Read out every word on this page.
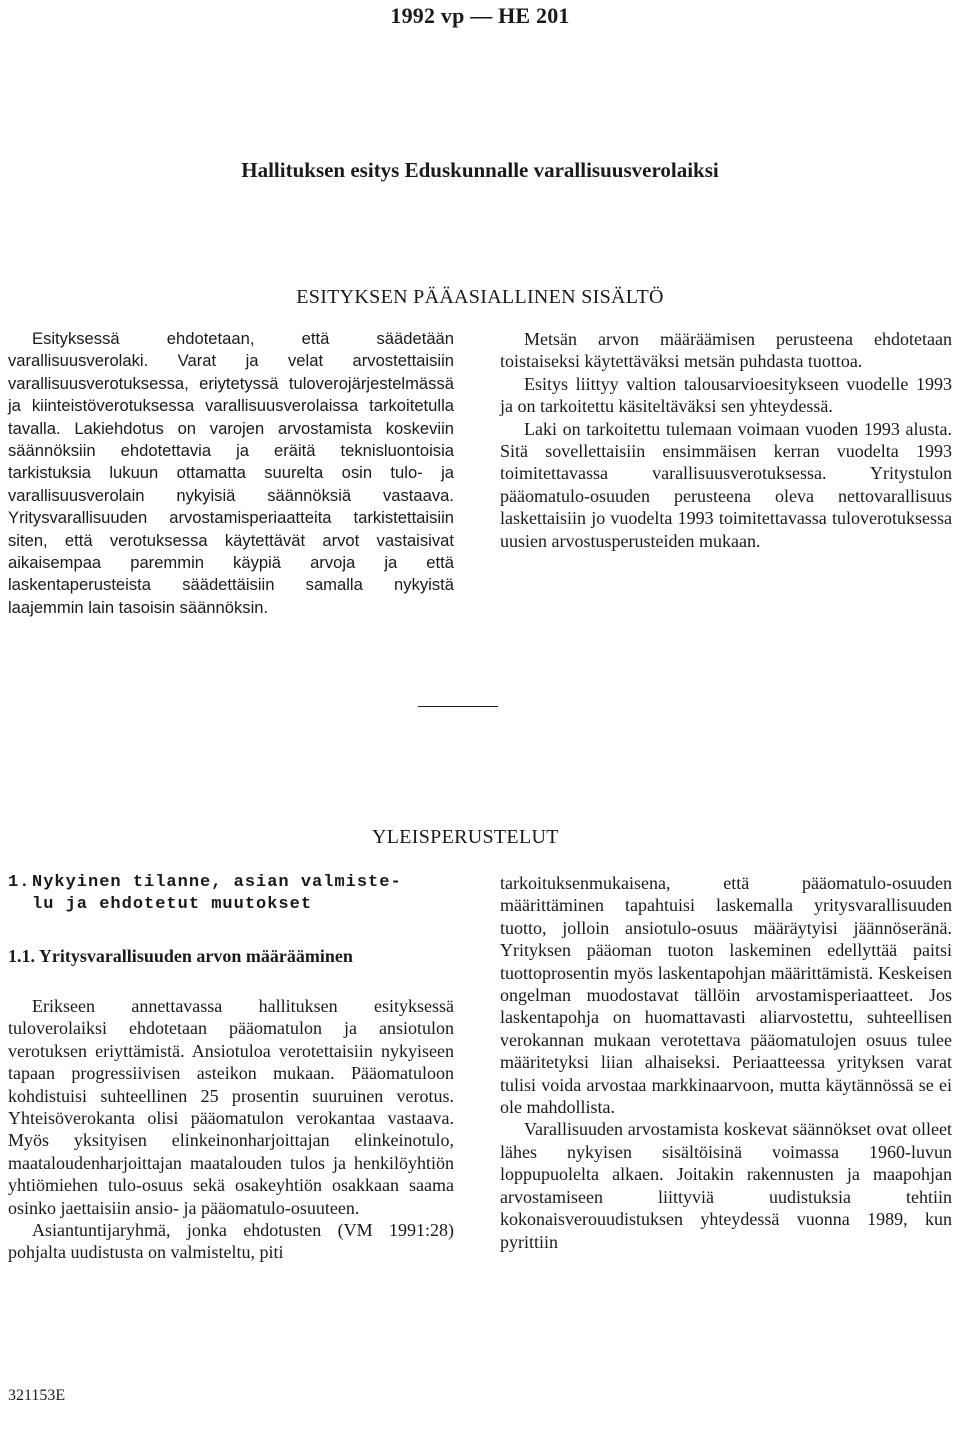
1992 vp — HE 201
Hallituksen esitys Eduskunnalle varallisuusverolaiksi
ESITYKSEN PÄÄASIALLINEN SISÄLTÖ

Esityksessä ehdotetaan, että säädetään varallisuusverolaki. Varat ja velat arvostettaisiin varallisuusverotuksessa, eriytetyssä tuloverojärjestelmässä ja kiinteistöverotuksessa varallisuusverolaissa tarkoitetulla tavalla. Lakiehdotus on varojen arvostamista koskeviin säännöksiin ehdotettavia ja eräitä teknisluontoisia tarkistuksia lukuun ottamatta suurelta osin tulo- ja varallisuusverolain nykyisiä säännöksiä vastaava. Yritysvarallisuuden arvostamisperiaatteita tarkistettaisiin siten, että verotuksessa käytettävät arvot vastaisivat aikaisempaa paremmin käypiä arvoja ja että laskentaperusteista säädettäisiin samalla nykyistä laajemmin lain tasoisin säännöksin.

Metsän arvon määräämisen perusteena ehdotetaan toistaiseksi käytettäväksi metsän puhdasta tuottoa.

Esitys liittyy valtion talousarvioesitykseen vuodelle 1993 ja on tarkoitettu käsiteltäväksi sen yhteydessä.

Laki on tarkoitettu tulemaan voimaan vuoden 1993 alusta. Sitä sovellettaisiin ensimmäisen kerran vuodelta 1993 toimitettavassa varallisuusverotuksessa. Yritystulon pääomatulo-osuuden perusteena oleva nettovarallisuus laskettaisiin jo vuodelta 1993 toimitettavassa tuloverotuksessa uusien arvostusperusteiden mukaan.

YLEISPERUSTELUT
1.Nykyinen tilanne, asian valmiste-
lu ja ehdotetut muutokset
1.1. Yritysvarallisuuden arvon määrääminen

Erikseen annettavassa hallituksen esityksessä tuloverolaiksi ehdotetaan pääomatulon ja ansiotulon verotuksen eriyttämistä. Ansiotuloa verotettaisiin nykyiseen tapaan progressiivisen asteikon mukaan. Pääomatuloon kohdistuisi suhteellinen 25 prosentin suuruinen verotus. Yhteisöverokanta olisi pääomatulon verokantaa vastaava. Myös yksityisen elinkeinonharjoittajan elinkeinotulo, maataloudenharjoittajan maatalouden tulos ja henkilöyhtiön yhtiömiehen tulo-osuus sekä osakeyhtiön osakkaan saama osinko jaettaisiin ansio- ja pääomatulo-osuuteen.

Asiantuntijaryhmä, jonka ehdotusten (VM 1991:28) pohjalta uudistusta on valmisteltu, piti

tarkoituksenmukaisena, että pääomatulo-osuuden määrittäminen tapahtuisi laskemalla yritysvarallisuuden tuotto, jolloin ansiotulo-osuus määräytyisi jäännöseränä. Yrityksen pääoman tuoton laskeminen edellyttää paitsi tuottoprosentin myös laskentapohjan määrittämistä. Keskeisen ongelman muodostavat tällöin arvostamisperiaatteet. Jos laskentapohja on huomattavasti aliarvostettu, suhteellisen verokannan mukaan verotettava pääomatulojen osuus tulee määritetyksi liian alhaiseksi. Periaatteessa yrityksen varat tulisi voida arvostaa markkinaarvoon, mutta käytännössä se ei ole mahdollista.

Varallisuuden arvostamista koskevat säännökset ovat olleet lähes nykyisen sisältöisinä voimassa 1960-luvun loppupuolelta alkaen. Joitakin rakennusten ja maapohjan arvostamiseen liittyviä uudistuksia tehtiin kokonaisverouudistuksen yhteydessä vuonna 1989, kun pyrittiin

321153E
